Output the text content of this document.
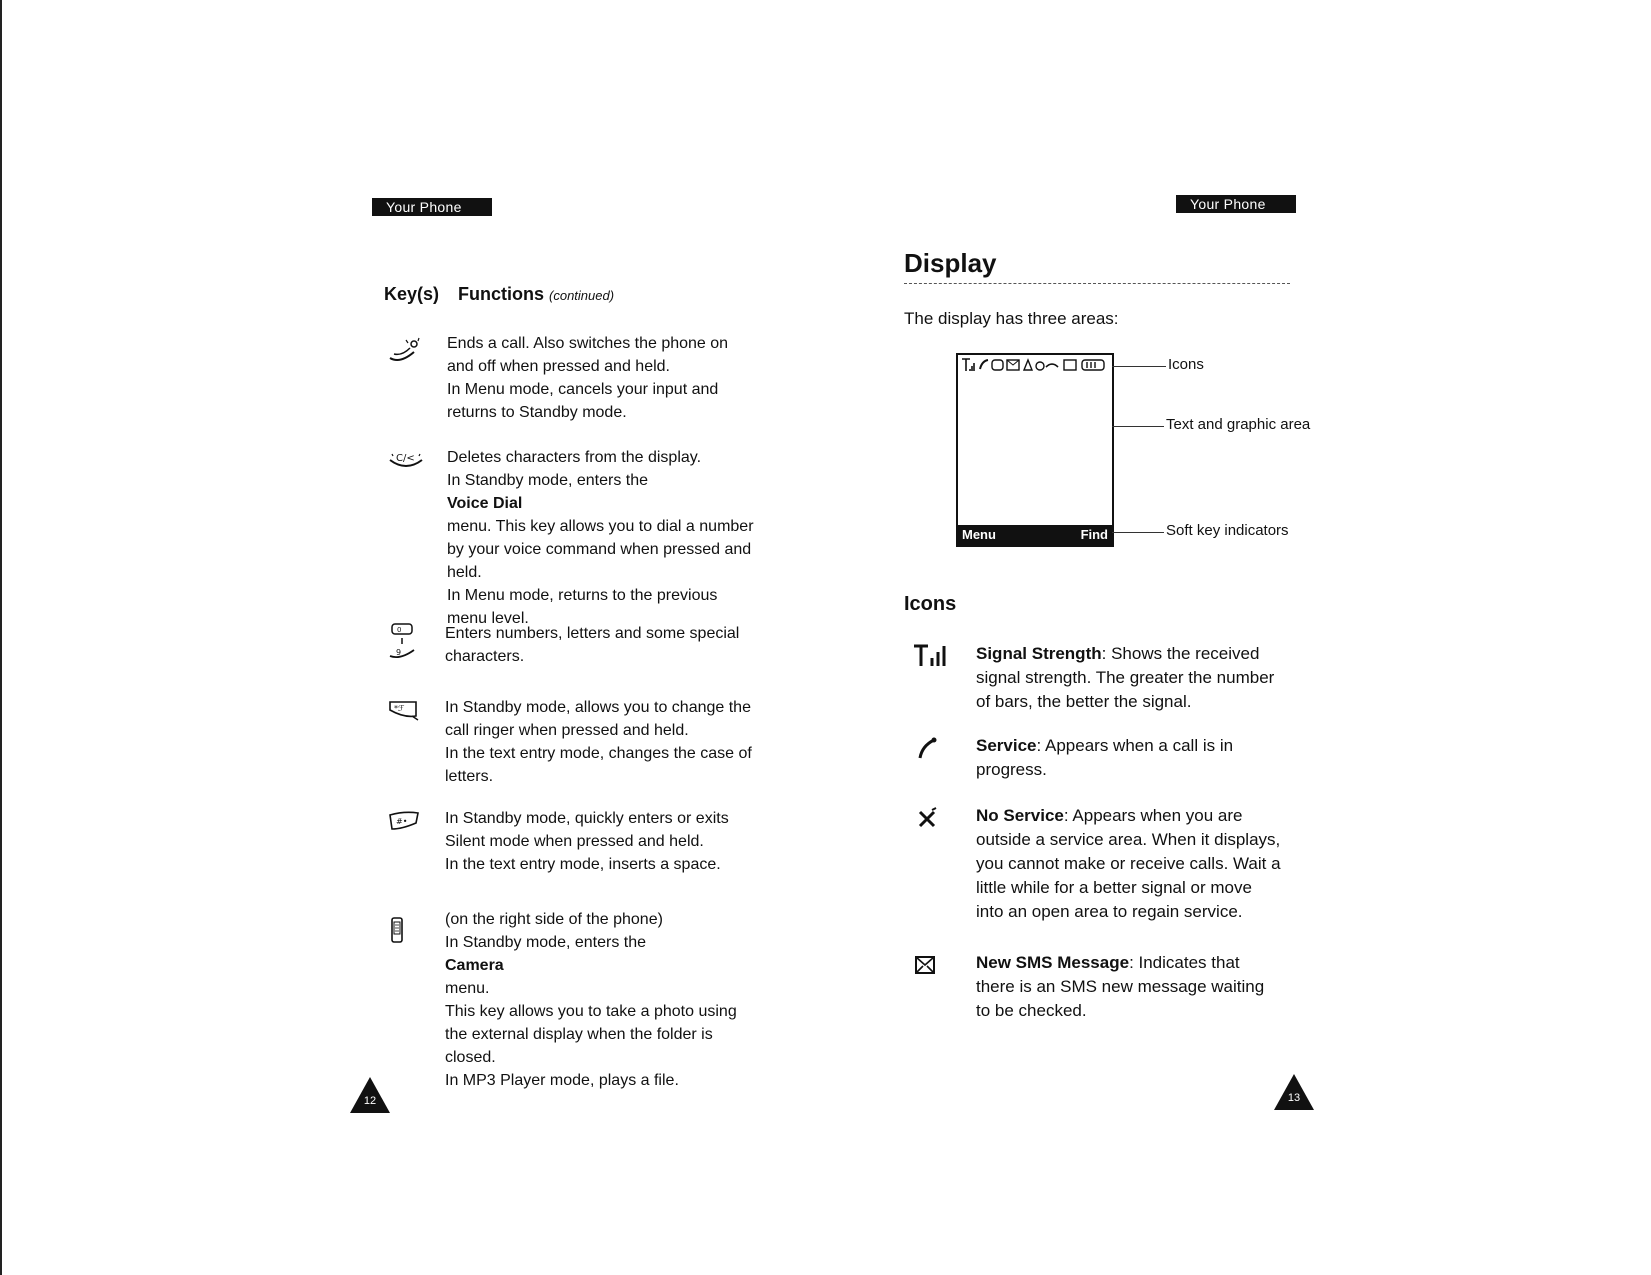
Your Phone
Key(s) Functions (continued)
Ends a call. Also switches the phone on
and off when pressed and held.
In Menu mode, cancels your input and
returns to Standby mode.
C/< Deletes characters from the display.
In Standby mode, enters the
Voice Dial
menu. This key allows you to dial a number
by your voice command when pressed and
held.
In Menu mode, returns to the previous
menu level.
0
9
Enters numbers, letters and some special
characters.
*ℱ	In Standby mode, allows you to change the
call ringer when pressed and held.
In the text entry mode, changes the case of
letters.
#• In Standby mode, quickly enters or exits
Silent mode when pressed and held.
In the text entry mode, inserts a space.
(on the right side of the phone)
In Standby mode, enters the
Camera
menu.
This key allows you to take a photo using
the external display when the folder is
closed.
In MP3 Player mode, plays a file.
12
Your Phone
Display
The display has three areas:
Menu	Find
Icons
Text and graphic area
Soft key indicators
Icons
Signal Strength: Shows the received
signal strength. The greater the number
of bars, the better the signal.
Service: Appears when a call is in
progress.
No Service: Appears when you are
outside a service area. When it displays,
you cannot make or receive calls. Wait a
little while for a better signal or move
into an open area to regain service.
New SMS Message: Indicates that
there is an SMS new message waiting
to be checked.
13
